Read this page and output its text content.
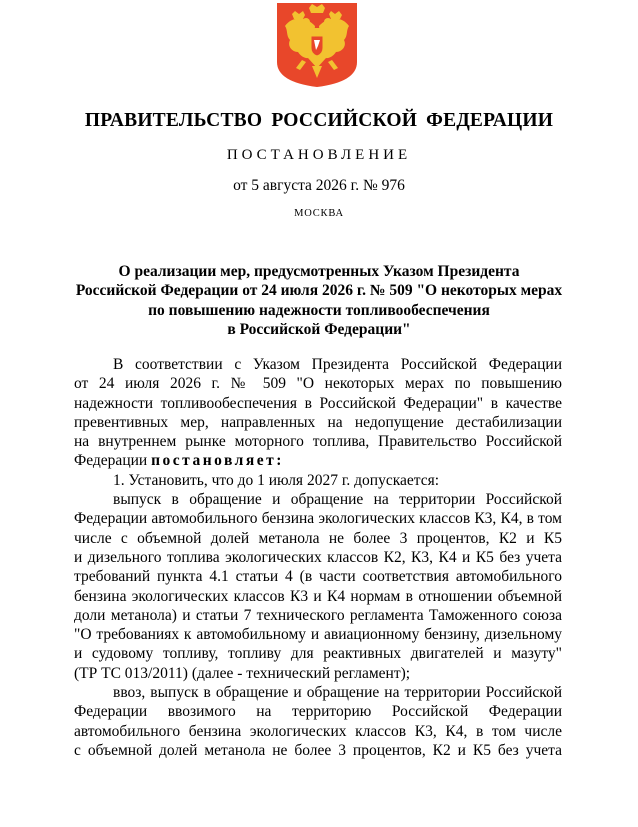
ПРАВИТЕЛЬСТВО РОССИЙСКОЙ ФЕДЕРАЦИИ
ПОСТАНОВЛЕНИЕ
от 5 августа 2026 г. № 976
МОСКВА
О реализации мер, предусмотренных Указом Президента
Российской Федерации от 24 июля 2026 г. № 509 "О некоторых мерах
по повышению надежности топливообеспечения
в Российской Федерации"
В соответствии с Указом Президента Российской Федерации
от 24 июля 2026 г. № 509 "О некоторых мерах по повышению
надежности топливообеспечения в Российской Федерации" в качестве
превентивных мер, направленных на недопущение дестабилизации
на внутреннем рынке моторного топлива, Правительство Российской
Федерации постановляет:
1. Установить, что до 1 июля 2027 г. допускается:
выпуск в обращение и обращение на территории Российской
Федерации автомобильного бензина экологических классов К3, К4, в том
числе с объемной долей метанола не более 3 процентов, К2 и К5
и дизельного топлива экологических классов К2, К3, К4 и К5 без учета
требований пункта 4.1 статьи 4 (в части соответствия автомобильного
бензина экологических классов К3 и К4 нормам в отношении объемной
доли метанола) и статьи 7 технического регламента Таможенного союза
"О требованиях к автомобильному и авиационному бензину, дизельному
и судовому топливу, топливу для реактивных двигателей и мазуту"
(ТР ТС 013/2011) (далее - технический регламент);
ввоз, выпуск в обращение и обращение на территории Российской
Федерации ввозимого на территорию Российской Федерации
автомобильного бензина экологических классов К3, К4, в том числе
с объемной долей метанола не более 3 процентов, К2 и К5 без учета
